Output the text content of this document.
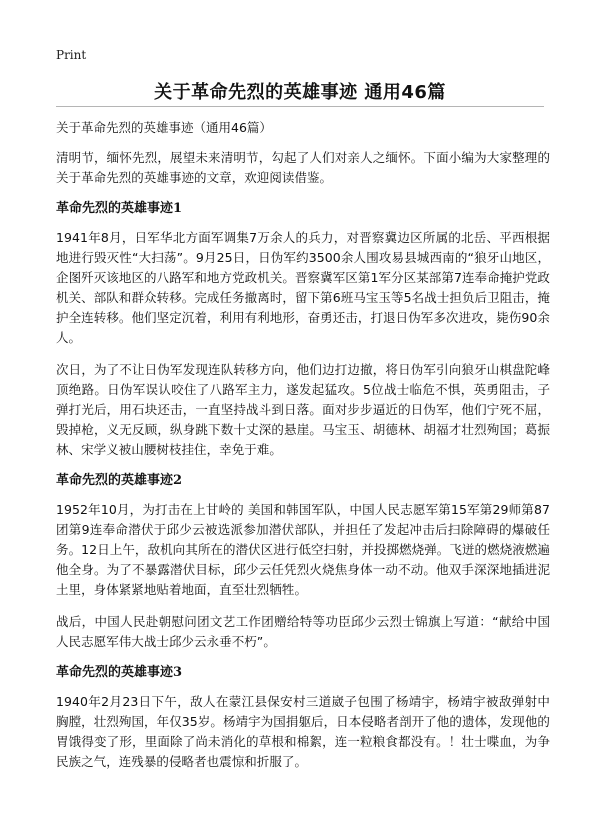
Print
关于革命先烈的英雄事迹 通用46篇
关于革命先烈的英雄事迹（通用46篇）

清明节，缅怀先烈，展望未来清明节，勾起了人们对亲人之缅怀。下面小编为大家整理的关于革命先烈的英雄事迹的文章，欢迎阅读借鉴。

革命先烈的英雄事迹1

1941年8月，日军华北方面军调集7万余人的兵力，对晋察冀边区所属的北岳、平西根据地进行毁灭性“大扫荡”。9月25日，日伪军约3500余人围攻易县城西南的“狼牙山地区，企图歼灭该地区的八路军和地方党政机关。晋察冀军区第1军分区某部第7连奉命掩护党政机关、部队和群众转移。完成任务撤离时，留下第6班马宝玉等5名战士担负后卫阻击，掩护全连转移。他们坚定沉着，利用有利地形，奋勇还击，打退日伪军多次进攻，毙伤90余人。

次日，为了不让日伪军发现连队转移方向，他们边打边撤，将日伪军引向狼牙山棋盘陀峰顶绝路。日伪军误认咬住了八路军主力，遂发起猛攻。5位战士临危不惧，英勇阻击，子弹打光后，用石块还击，一直坚持战斗到日落。面对步步逼近的日伪军，他们宁死不屈，毁掉枪，义无反顾，纵身跳下数十丈深的悬崖。马宝玉、胡德林、胡福才壮烈殉国；葛振林、宋学义被山腰树枝挂住，幸免于难。

革命先烈的英雄事迹2

1952年10月，为打击在上甘岭的 美国和韩国军队，中国人民志愿军第15军第29师第87团第9连奉命潜伏于邱少云被选派参加潜伏部队，并担任了发起冲击后扫除障碍的爆破任务。12日上午，敌机向其所在的潜伏区进行低空扫射，并投掷燃烧弹。飞迸的燃烧液燃遍他全身。为了不暴露潜伏目标，邱少云任凭烈火烧焦身体一动不动。他双手深深地插进泥土里，身体紧紧地贴着地面，直至壮烈牺牲。

战后，中国人民赴朝慰问团文艺工作团赠给特等功臣邱少云烈士锦旗上写道：“献给中国人民志愿军伟大战士邱少云永垂不朽”。

革命先烈的英雄事迹3

1940年2月23日下午，敌人在蒙江县保安村三道崴子包围了杨靖宇，杨靖宇被敌弹射中胸膛，壮烈殉国，年仅35岁。杨靖宇为国捐躯后，日本侵略者剖开了他的遗体，发现他的胃饿得变了形，里面除了尚未消化的草根和棉絮，连一粒粮食都没有。！壮士喋血，为争民族之气，连残暴的侵略者也震惊和折服了。
